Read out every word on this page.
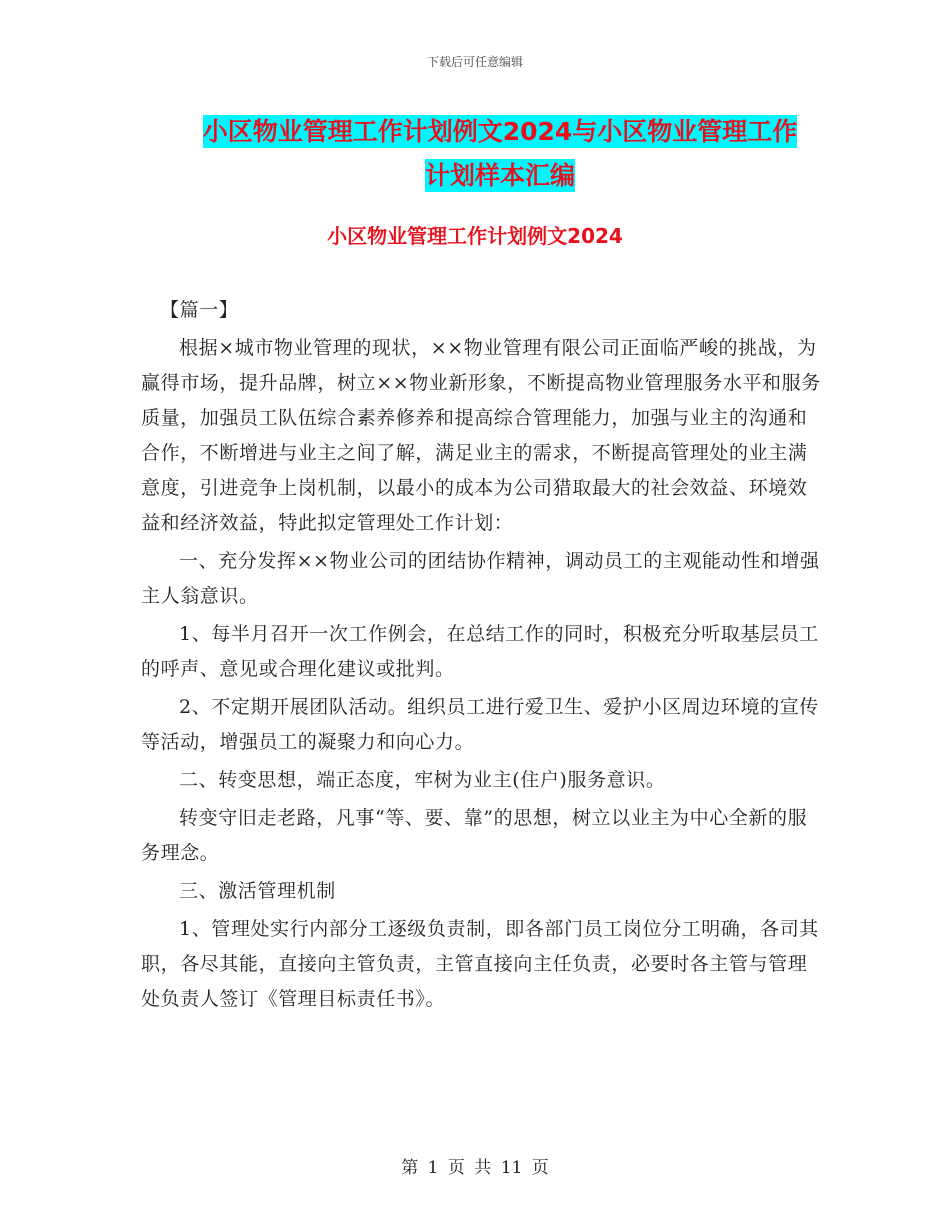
下载后可任意编辑
小区物业管理工作计划例文2024与小区物业管理工作
计划样本汇编
小区物业管理工作计划例文2024

【篇一】

根据×城市物业管理的现状，××物业管理有限公司正面临严峻的挑战，为赢得市场，提升品牌，树立××物业新形象，不断提高物业管理服务水平和服务质量，加强员工队伍综合素养修养和提高综合管理能力，加强与业主的沟通和合作，不断增进与业主之间了解，满足业主的需求，不断提高管理处的业主满意度，引进竞争上岗机制，以最小的成本为公司猎取最大的社会效益、环境效益和经济效益，特此拟定管理处工作计划：

一、充分发挥××物业公司的团结协作精神，调动员工的主观能动性和增强主人翁意识。

1、每半月召开一次工作例会，在总结工作的同时，积极充分听取基层员工的呼声、意见或合理化建议或批判。

2、不定期开展团队活动。组织员工进行爱卫生、爱护小区周边环境的宣传等活动，增强员工的凝聚力和向心力。

二、转变思想，端正态度，牢树为业主(住户)服务意识。

转变守旧走老路，凡事“等、要、靠”的思想，树立以业主为中心全新的服务理念。

三、激活管理机制

1、管理处实行内部分工逐级负责制，即各部门员工岗位分工明确，各司其职，各尽其能，直接向主管负责，主管直接向主任负责，必要时各主管与管理处负责人签订《管理目标责任书》。

第 1 页 共 11 页
